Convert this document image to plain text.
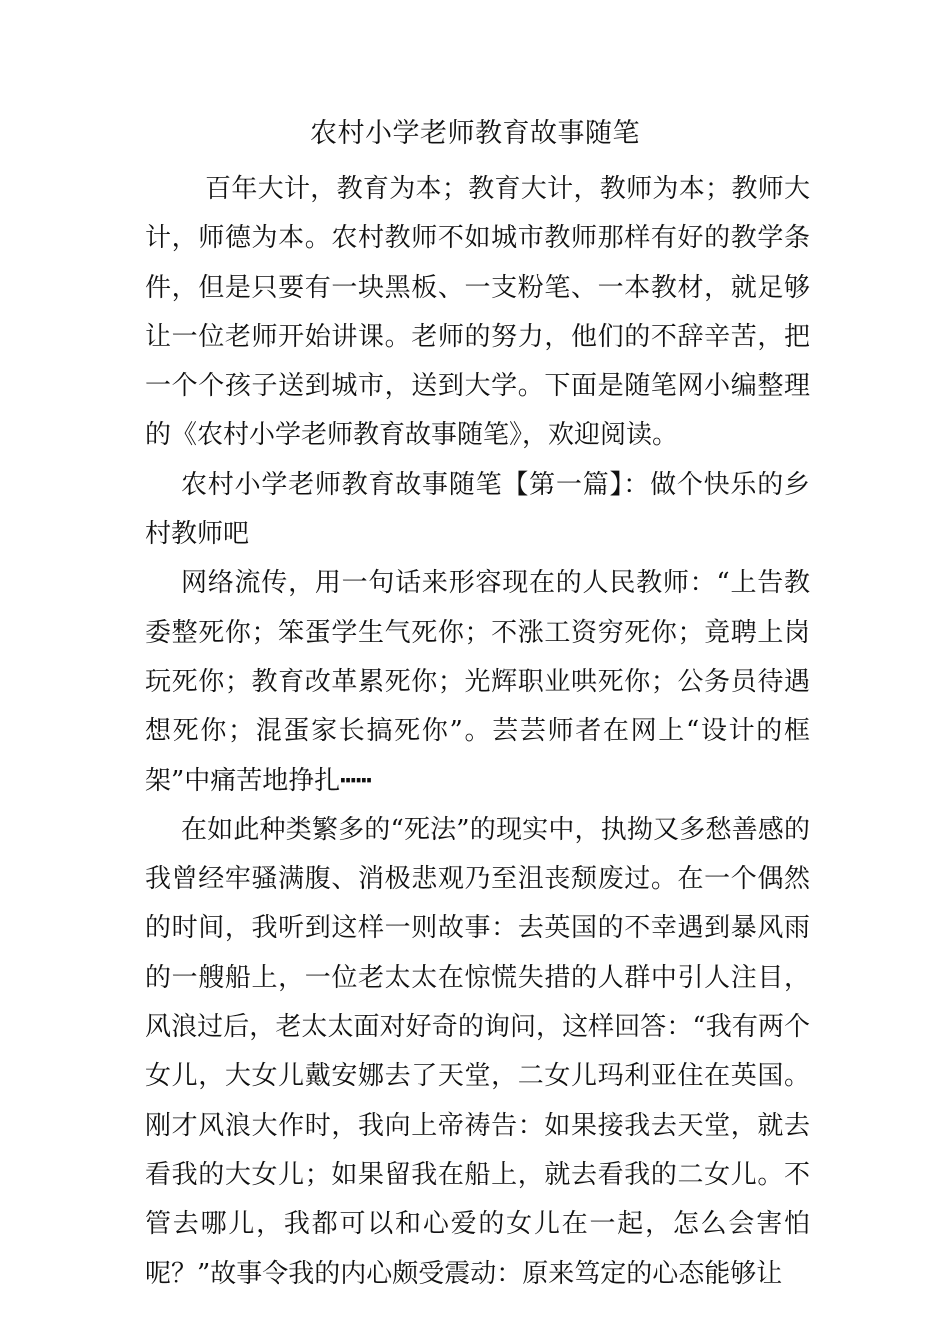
农村小学老师教育故事随笔

百年大计，教育为本；教育大计，教师为本；教师大计，师德为本。农村教师不如城市教师那样有好的教学条件，但是只要有一块黑板、一支粉笔、一本教材，就足够让一位老师开始讲课。老师的努力，他们的不辞辛苦，把一个个孩子送到城市，送到大学。下面是随笔网小编整理的《农村小学老师教育故事随笔》，欢迎阅读。

农村小学老师教育故事随笔【第一篇】：做个快乐的乡村教师吧

网络流传，用一句话来形容现在的人民教师：“上告教委整死你；笨蛋学生气死你；不涨工资穷死你；竟聘上岗玩死你；教育改革累死你；光辉职业哄死你；公务员待遇想死你；混蛋家长搞死你”。芸芸师者在网上“设计的框架”中痛苦地挣扎┅┅

在如此种类繁多的“死法”的现实中，执拗又多愁善感的我曾经牢骚满腹、消极悲观乃至沮丧颓废过。在一个偶然的时间，我听到这样一则故事：去英国的不幸遇到暴风雨的一艘船上，一位老太太在惊慌失措的人群中引人注目，风浪过后，老太太面对好奇的询问，这样回答：“我有两个女儿，大女儿戴安娜去了天堂，二女儿玛利亚住在英国。刚才风浪大作时，我向上帝祷告：如果接我去天堂，就去看我的大女儿；如果留我在船上，就去看我的二女儿。不管去哪儿，我都可以和心爱的女儿在一起，怎么会害怕呢？”故事令我的内心颇受震动：原来笃定的心态能够让
